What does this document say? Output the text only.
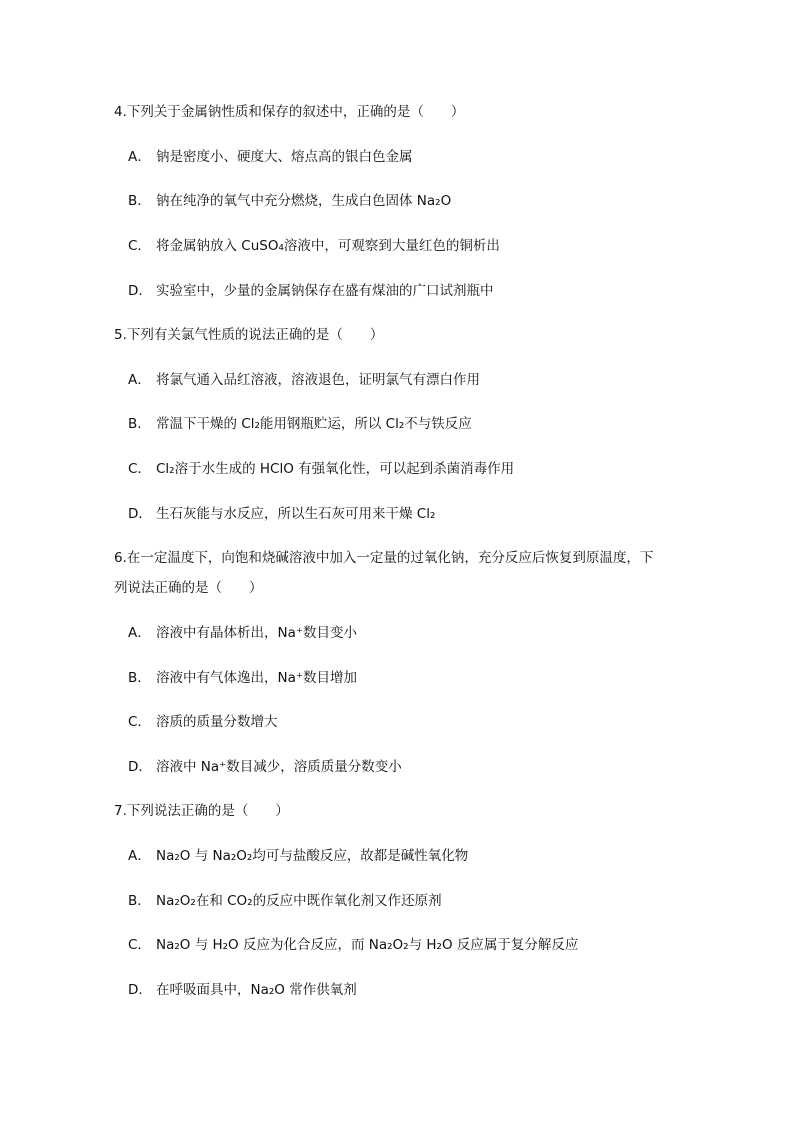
4.下列关于金属钠性质和保存的叙述中，正确的是（　　）
A． 钠是密度小、硬度大、熔点高的银白色金属
B． 钠在纯净的氧气中充分燃烧，生成白色固体 Na₂O
C． 将金属钠放入 CuSO₄溶液中，可观察到大量红色的铜析出
D． 实验室中，少量的金属钠保存在盛有煤油的广口试剂瓶中
5.下列有关氯气性质的说法正确的是（　　）
A． 将氯气通入品红溶液，溶液退色，证明氯气有漂白作用
B． 常温下干燥的 Cl₂能用钢瓶贮运，所以 Cl₂不与铁反应
C． Cl₂溶于水生成的 HClO 有强氧化性，可以起到杀菌消毒作用
D． 生石灰能与水反应，所以生石灰可用来干燥 Cl₂
6.在一定温度下，向饱和烧碱溶液中加入一定量的过氧化钠，充分反应后恢复到原温度，下
列说法正确的是（　　）
A． 溶液中有晶体析出，Na⁺数目变小
B． 溶液中有气体逸出，Na⁺数目增加
C． 溶质的质量分数增大
D． 溶液中 Na⁺数目减少，溶质质量分数变小
7.下列说法正确的是（　　）
A． Na₂O 与 Na₂O₂均可与盐酸反应，故都是碱性氧化物
B． Na₂O₂在和 CO₂的反应中既作氧化剂又作还原剂
C． Na₂O 与 H₂O 反应为化合反应，而 Na₂O₂与 H₂O 反应属于复分解反应
D． 在呼吸面具中，Na₂O 常作供氧剂
